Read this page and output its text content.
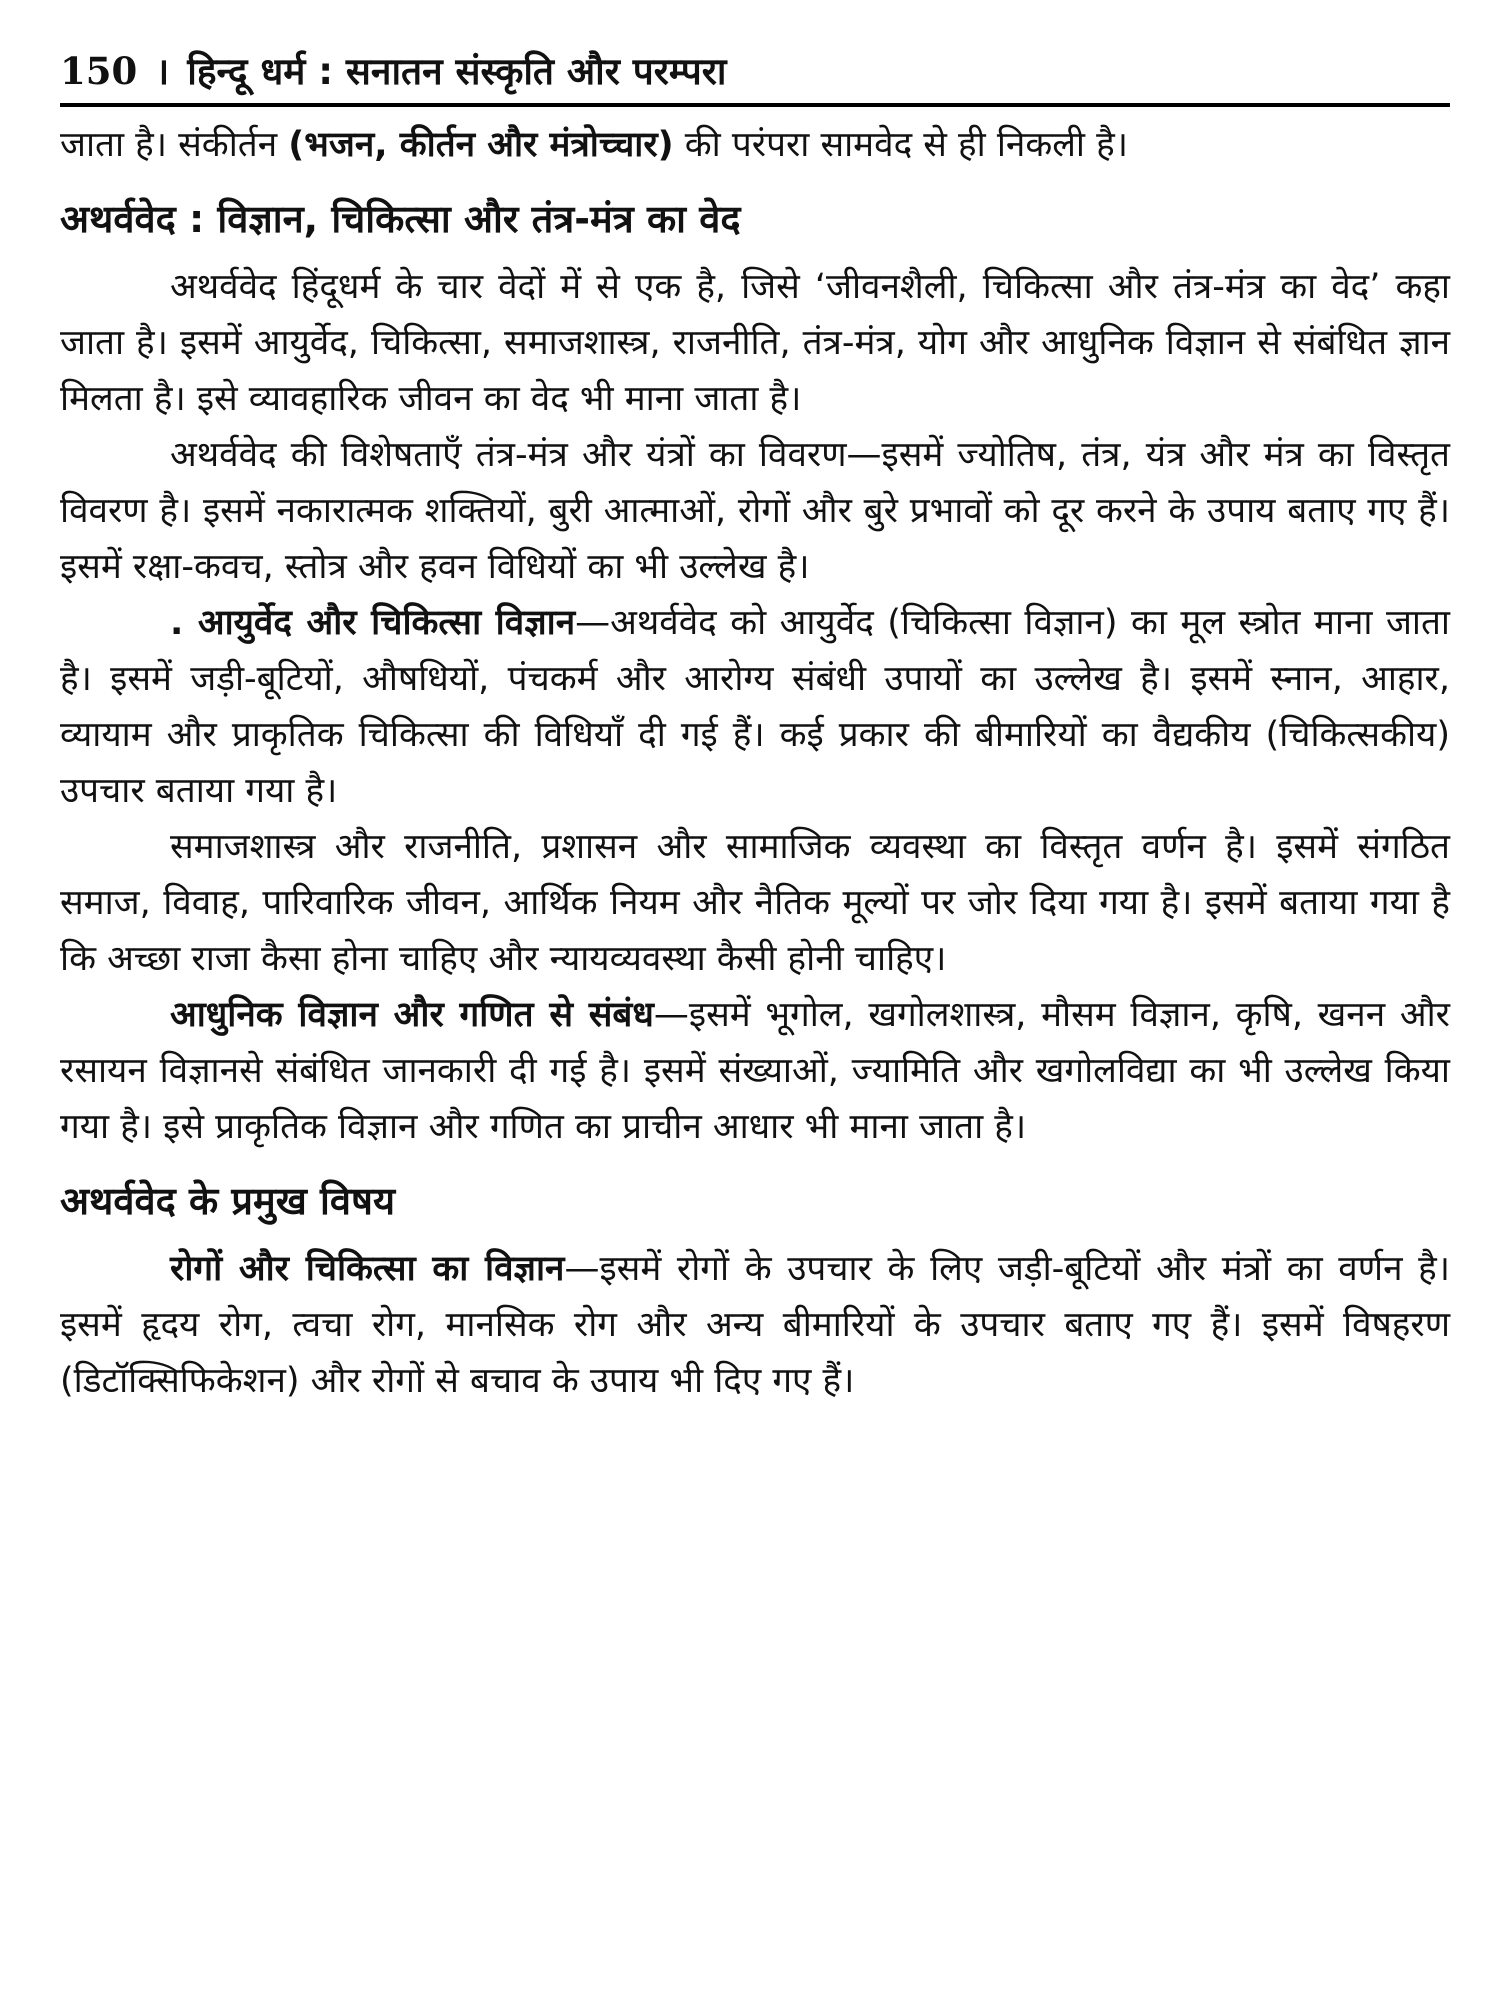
150 । हिन्दू धर्म : सनातन संस्कृति और परम्परा

जाता है। संकीर्तन (भजन, कीर्तन और मंत्रोच्चार) की परंपरा सामवेद से ही निकली है।

अथर्ववेद : विज्ञान, चिकित्सा और तंत्र-मंत्र का वेद

अथर्ववेद हिंदूधर्म के चार वेदों में से एक है, जिसे ‘जीवनशैली, चिकित्सा और तंत्र-मंत्र का वेद’ कहा जाता है। इसमें आयुर्वेद, चिकित्सा, समाजशास्त्र, राजनीति, तंत्र-मंत्र, योग और आधुनिक विज्ञान से संबंधित ज्ञान मिलता है। इसे व्यावहारिक जीवन का वेद भी माना जाता है।

अथर्ववेद की विशेषताएँ तंत्र-मंत्र और यंत्रों का विवरण—इसमें ज्योतिष, तंत्र, यंत्र और मंत्र का विस्तृत विवरण है। इसमें नकारात्मक शक्तियों, बुरी आत्माओं, रोगों और बुरे प्रभावों को दूर करने के उपाय बताए गए हैं। इसमें रक्षा-कवच, स्तोत्र और हवन विधियों का भी उल्लेख है।

. आयुर्वेद और चिकित्सा विज्ञान—अथर्ववेद को आयुर्वेद (चिकित्सा विज्ञान) का मूल स्त्रोत माना जाता है। इसमें जड़ी-बूटियों, औषधियों, पंचकर्म और आरोग्य संबंधी उपायों का उल्लेख है। इसमें स्नान, आहार, व्यायाम और प्राकृतिक चिकित्सा की विधियाँ दी गई हैं। कई प्रकार की बीमारियों का वैद्यकीय (चिकित्सकीय) उपचार बताया गया है।

समाजशास्त्र और राजनीति, प्रशासन और सामाजिक व्यवस्था का विस्तृत वर्णन है। इसमें संगठित समाज, विवाह, पारिवारिक जीवन, आर्थिक नियम और नैतिक मूल्यों पर जोर दिया गया है। इसमें बताया गया है कि अच्छा राजा कैसा होना चाहिए और न्यायव्यवस्था कैसी होनी चाहिए।

आधुनिक विज्ञान और गणित से संबंध—इसमें भूगोल, खगोलशास्त्र, मौसम विज्ञान, कृषि, खनन और रसायन विज्ञानसे संबंधित जानकारी दी गई है। इसमें संख्याओं, ज्यामिति और खगोलविद्या का भी उल्लेख किया गया है। इसे प्राकृतिक विज्ञान और गणित का प्राचीन आधार भी माना जाता है।

अथर्ववेद के प्रमुख विषय

रोगों और चिकित्सा का विज्ञान—इसमें रोगों के उपचार के लिए जड़ी-बूटियों और मंत्रों का वर्णन है। इसमें हृदय रोग, त्वचा रोग, मानसिक रोग और अन्य बीमारियों के उपचार बताए गए हैं। इसमें विषहरण (डिटॉक्सिफिकेशन) और रोगों से बचाव के उपाय भी दिए गए हैं।
